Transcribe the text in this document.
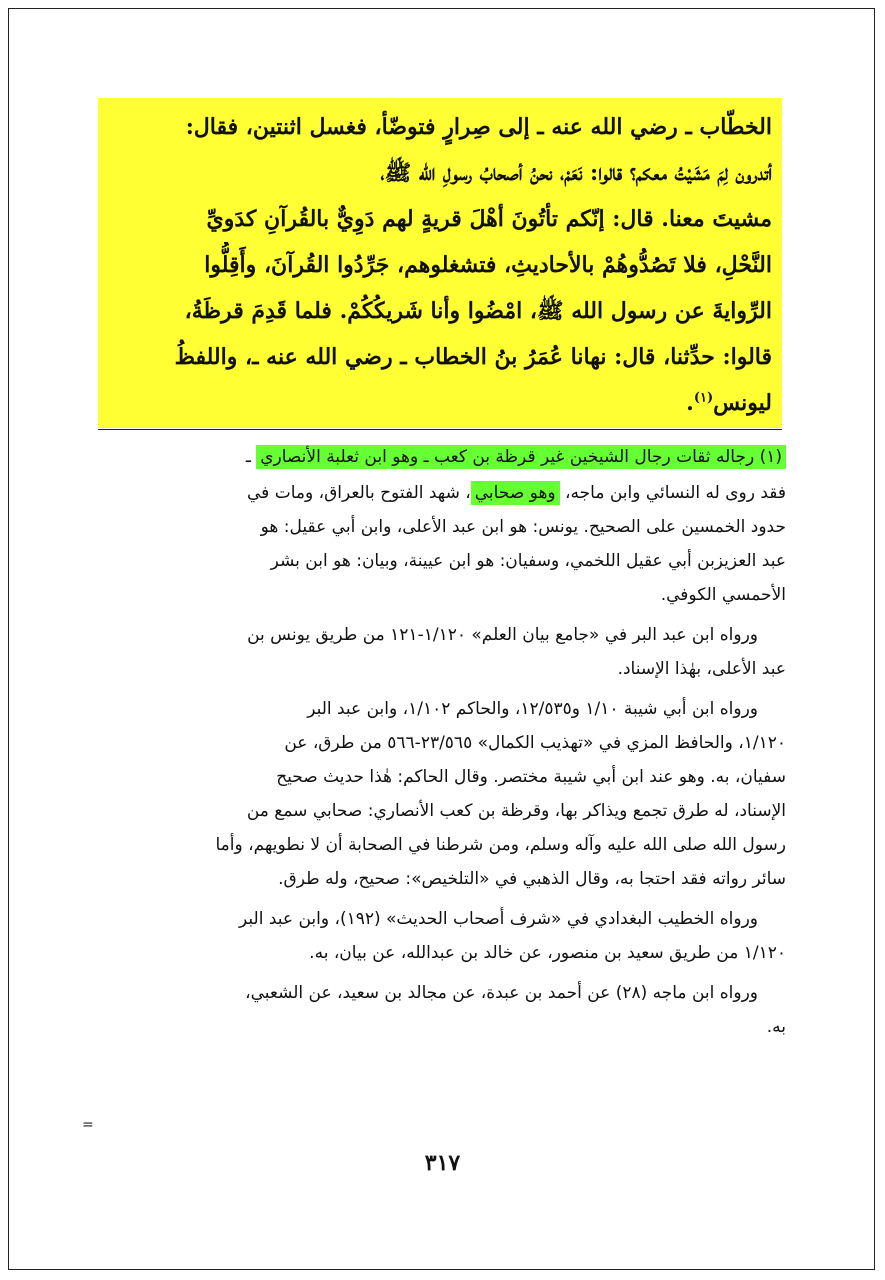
الخطّاب ـ رضي الله عنه ـ إلى صِرارٍ فتوضّأ، فغسل اثنتين، فقال:
أتدرون لِمَ مَشَيْتُ معكم؟ قالوا: نَعَمْ، نحنُ أصحابُ رسولِ الله ﷺ،
مشيتَ معنا. قال: إنّكم تأتُونَ أهْلَ قريةٍ لهم دَوِيٌّ بالقُرآنِ كدَويِّ
النَّحْلِ، فلا تَصُدُّوهُمْ بالأحاديثِ، فتشغلوهم، جَرِّدُوا القُرآنَ، وأَقِلُّوا
الرِّوايةَ عن رسول الله ﷺ، امْضُوا وأنا شَريكُكُمْ. فلما قَدِمَ قرظَةُ،
قالوا: حدِّثنا، قال: نهانا عُمَرُ بنُ الخطاب ـ رضي الله عنه ـ، واللفظُ
ليونس$^{(١)}$.
(١) رجاله ثقات رجال الشيخين غير قرظة بن كعب ـ وهو ابن ثعلبة الأنصاري ـ
فقد روى له النسائي وابن ماجه، وهو صحابي، شهد الفتوح بالعراق، ومات في
حدود الخمسين على الصحيح. يونس: هو ابن عبد الأعلى، وابن أبي عقيل: هو
عبد العزيزبن أبي عقيل اللخمي، وسفيان: هو ابن عيينة، وبيان: هو ابن بشر
الأحمسي الكوفي.
ورواه ابن عبد البر في «جامع بيان العلم» ١/١٢٠-١٢١ من طريق يونس بن
عبد الأعلى، بهٰذا الإسناد.
ورواه ابن أبي شيبة ١/١٠ و١٢/٥٣٥، والحاكم ١/١٠٢، وابن عبد البر
١/١٢٠، والحافظ المزي في «تهذيب الكمال» ٢٣/٥٦٥-٥٦٦ من طرق، عن
سفيان، به. وهو عند ابن أبي شيبة مختصر. وقال الحاكم: هٰذا حديث صحيح
الإسناد، له طرق تجمع ويذاكر بها، وقرظة بن كعب الأنصاري: صحابي سمع من
رسول الله صلى الله عليه وآله وسلم، ومن شرطنا في الصحابة أن لا نطويهم، وأما
سائر رواته فقد احتجا به، وقال الذهبي في «التلخيص»: صحيح، وله طرق.
ورواه الخطيب البغدادي في «شرف أصحاب الحديث» (١٩٢)، وابن عبد البر
١/١٢٠ من طريق سعيد بن منصور، عن خالد بن عبدالله، عن بيان، به.
ورواه ابن ماجه (٢٨) عن أحمد بن عبدة، عن مجالد بن سعيد، عن الشعبي،
به.
=
٣١٧
